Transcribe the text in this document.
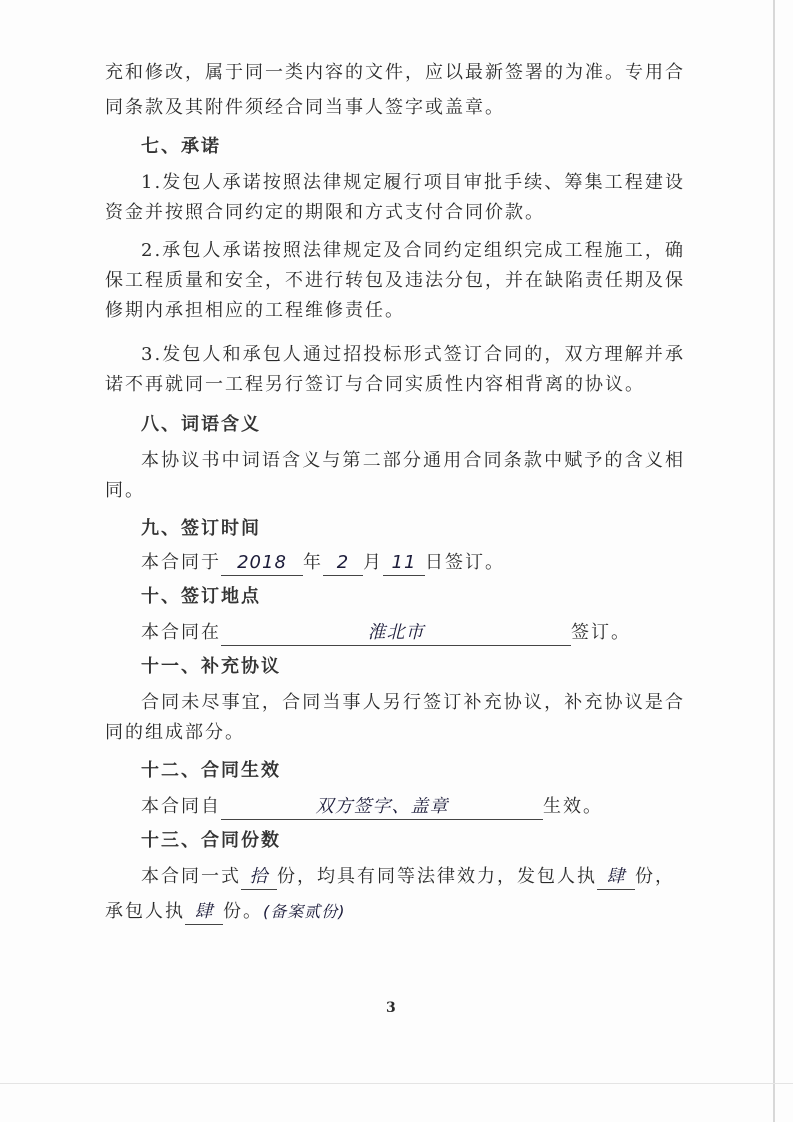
充和修改，属于同一类内容的文件，应以最新签署的为准。专用合

同条款及其附件须经合同当事人签字或盖章。

七、承诺

1.发包人承诺按照法律规定履行项目审批手续、筹集工程建设资金并按照合同约定的期限和方式支付合同价款。

2.承包人承诺按照法律规定及合同约定组织完成工程施工，确保工程质量和安全，不进行转包及违法分包，并在缺陷责任期及保修期内承担相应的工程维修责任。

3.发包人和承包人通过招投标形式签订合同的，双方理解并承诺不再就同一工程另行签订与合同实质性内容相背离的协议。

八、词语含义

本协议书中词语含义与第二部分通用合同条款中赋予的含义相同。

九、签订时间

本合同于 2018 年 2 月 11 日签订。

十、签订地点

本合同在	淮北市	签订。

十一、补充协议

合同未尽事宜，合同当事人另行签订补充协议，补充协议是合同的组成部分。

十二、合同生效

本合同自	双方签字、盖章	生效。

十三、合同份数

本合同一式 拾 份，均具有同等法律效力，发包人执 肆 份，
承包人执 肆 份。(备案贰份)
3
